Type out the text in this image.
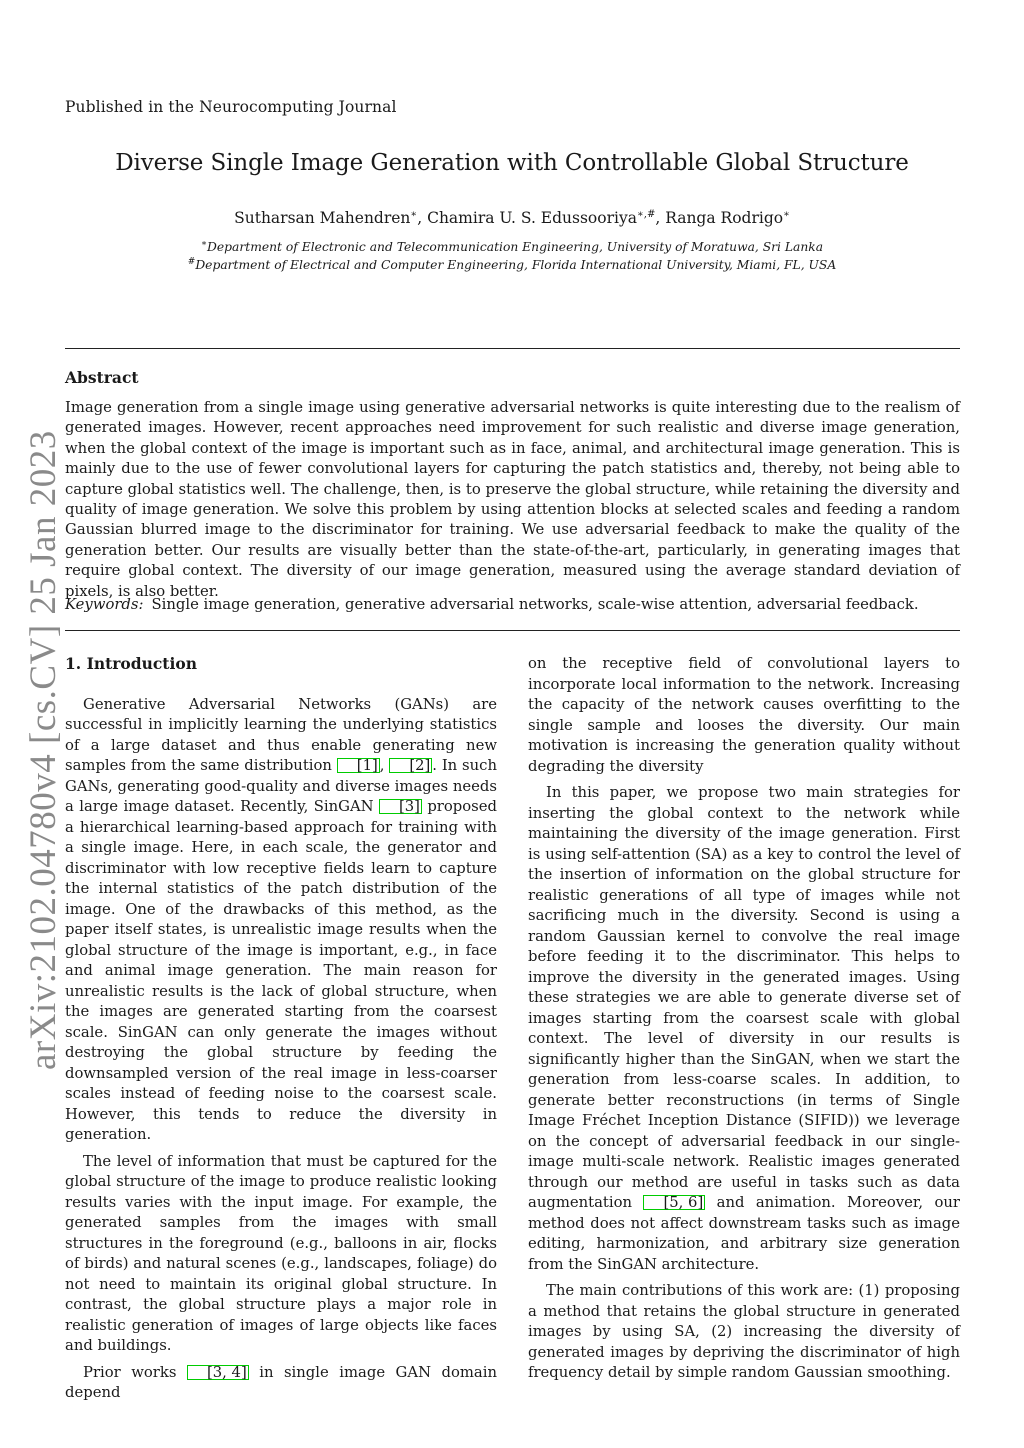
Published in the Neurocomputing Journal
Diverse Single Image Generation with Controllable Global Structure
Sutharsan Mahendren∗, Chamira U. S. Edussooriya∗,#, Ranga Rodrigo∗
∗Department of Electronic and Telecommunication Engineering, University of Moratuwa, Sri Lanka
#Department of Electrical and Computer Engineering, Florida International University, Miami, FL, USA
Abstract
Image generation from a single image using generative adversarial networks is quite interesting due to the realism of generated images. However, recent approaches need improvement for such realistic and diverse image generation, when the global context of the image is important such as in face, animal, and architectural image generation. This is mainly due to the use of fewer convolutional layers for capturing the patch statistics and, thereby, not being able to capture global statistics well. The challenge, then, is to preserve the global structure, while retaining the diversity and quality of image generation. We solve this problem by using attention blocks at selected scales and feeding a random Gaussian blurred image to the discriminator for training. We use adversarial feedback to make the quality of the generation better. Our results are visually better than the state-of-the-art, particularly, in generating images that require global context. The diversity of our image generation, measured using the average standard deviation of pixels, is also better.
Keywords: Single image generation, generative adversarial networks, scale-wise attention, adversarial feedback.
arXiv:2102.04780v4 [cs.CV] 25 Jan 2023 1. Introduction

Generative Adversarial Networks (GANs) are successful in implicitly learning the underlying statistics of a large dataset and thus enable generating new samples from the same distribution [1] , [2] . In such GANs, generating good-quality and diverse images needs a large image dataset. Recently, SinGAN [3] proposed a hierarchical learning-based approach for training with a single image. Here, in each scale, the generator and discriminator with low receptive fields learn to capture the internal statistics of the patch distribution of the image. One of the drawbacks of this method, as the paper itself states, is unrealistic image results when the global structure of the image is important, e.g., in face and animal image generation. The main reason for unrealistic results is the lack of global structure, when the images are generated starting from the coarsest scale. SinGAN can only generate the images without destroying the global structure by feeding the downsampled version of the real image in less-coarser scales instead of feeding noise to the coarsest scale. However, this tends to reduce the diversity in generation.

The level of information that must be captured for the global structure of the image to produce realistic looking results varies with the input image. For example, the generated samples from the images with small structures in the foreground (e.g., balloons in air, flocks of birds) and natural scenes (e.g., landscapes, foliage) do not need to maintain its original global structure. In contrast, the global structure plays a major role in realistic generation of images of large objects like faces and buildings.

Prior works [3, 4] in single image GAN domain depend

on the receptive field of convolutional layers to incorporate local information to the network. Increasing the capacity of the network causes overfitting to the single sample and looses the diversity. Our main motivation is increasing the generation quality without degrading the diversity

In this paper, we propose two main strategies for inserting the global context to the network while maintaining the diversity of the image generation. First is using self-attention (SA) as a key to control the level of the insertion of information on the global structure for realistic generations of all type of images while not sacrificing much in the diversity. Second is using a random Gaussian kernel to convolve the real image before feeding it to the discriminator. This helps to improve the diversity in the generated images. Using these strategies we are able to generate diverse set of images starting from the coarsest scale with global context. The level of diversity in our results is significantly higher than the SinGAN, when we start the generation from less-coarse scales. In addition, to generate better reconstructions (in terms of Single Image Fréchet Inception Distance (SIFID)) we leverage on the concept of adversarial feedback in our single-image multi-scale network. Realistic images generated through our method are useful in tasks such as data augmentation [5, 6] and animation. Moreover, our method does not affect downstream tasks such as image editing, harmonization, and arbitrary size generation from the SinGAN architecture.

The main contributions of this work are: (1) proposing a method that retains the global structure in generated images by using SA, (2) increasing the diversity of generated images by depriving the discriminator of high frequency detail by simple random Gaussian smoothing.
